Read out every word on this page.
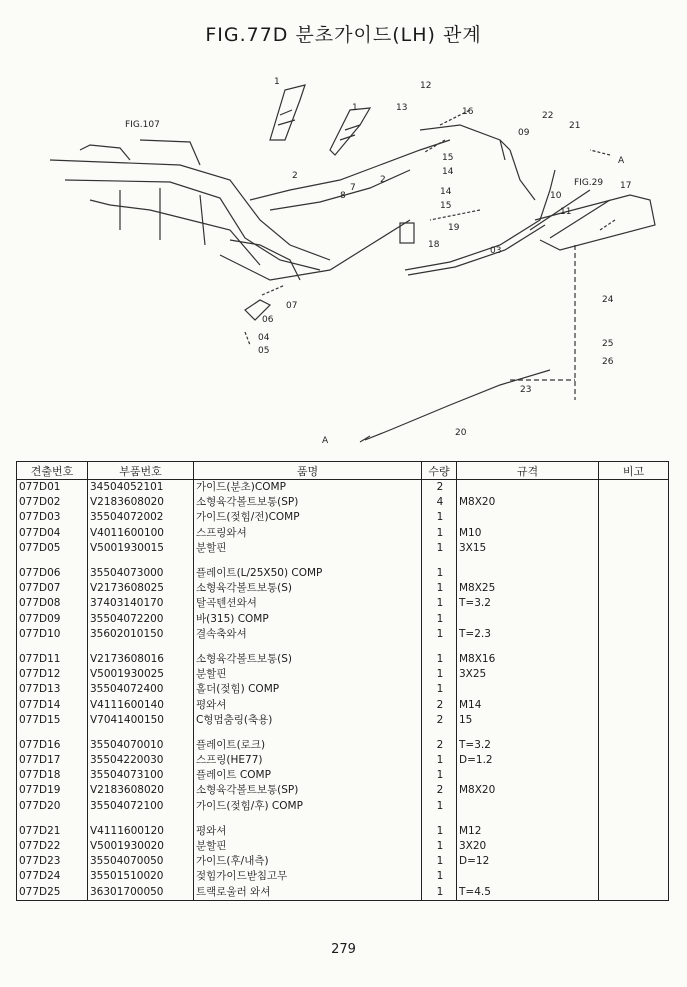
FIG.77D 분초가이드(LH) 관계
FIG.107
1
1
2	2
12
13	16
15
14
14
15
09
22
21
A
FIG.29 17
10
11
19
18
03
8
7
07
06
04
05
24
25
26
23
20
A
견출번호	부품번호	품명	수량	규격	비고
077D01	34504052101	가이드(분초)COMP	2		
077D02	V2183608020	소형육각볼트보통(SP)	4	M8X20	
077D03	35504072002	가이드(젖힘/전)COMP	1		
077D04	V4011600100	스프링와셔	1	M10	
077D05	V5001930015	분할핀	1	3X15	

077D06	35504073000	플레이트(L/25X50) COMP	1		
077D07	V2173608025	소형육각볼트보통(S)	1	M8X25	
077D08	37403140170	탈곡텐션와셔	1	T=3.2	
077D09	35504072200	바(315) COMP	1		
077D10	35602010150	결속축와셔	1	T=2.3	

077D11	V2173608016	소형육각볼트보통(S)	1	M8X16	
077D12	V5001930025	분할핀	1	3X25	
077D13	35504072400	홀더(젖힘) COMP	1		
077D14	V4111600140	평와셔	2	M14	
077D15	V7041400150	C형멈춤링(축용)	2	15	

077D16	35504070010	플레이트(로크)	2	T=3.2	
077D17	35504220030	스프링(HE77)	1	D=1.2	
077D18	35504073100	플레이트 COMP	1		
077D19	V2183608020	소형육각볼트보통(SP)	2	M8X20	
077D20	35504072100	가이드(젖힘/후) COMP	1		

077D21	V4111600120	평와셔	1	M12	
077D22	V5001930020	분할핀	1	3X20	
077D23	35504070050	가이드(후/내측)	1	D=12	
077D24	35501510020	젖힘가이드받침고무	1		
077D25	36301700050	트랙로울러 와셔	1	T=4.5	
279
